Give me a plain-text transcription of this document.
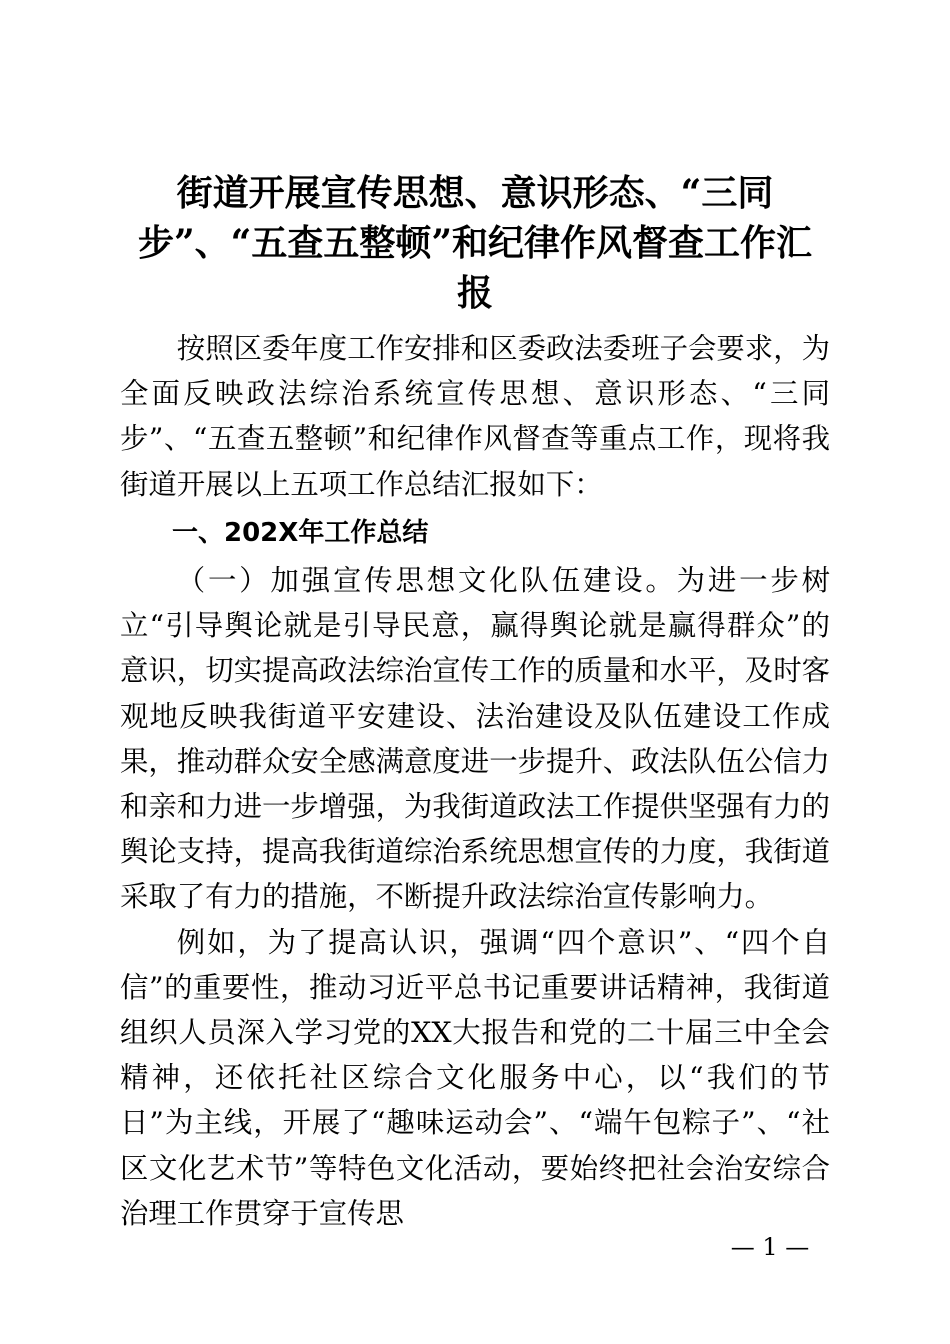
街道开展宣传思想、意识形态、“三同步”、“五查五整顿”和纪律作风督查工作汇报

按照区委年度工作安排和区委政法委班子会要求，为全面反映政法综治系统宣传思想、意识形态、“三同步”、“五查五整顿”和纪律作风督查等重点工作，现将我街道开展以上五项工作总结汇报如下：

一、202X年工作总结

（一）加强宣传思想文化队伍建设。为进一步树立“引导舆论就是引导民意，赢得舆论就是赢得群众”的意识，切实提高政法综治宣传工作的质量和水平，及时客观地反映我街道平安建设、法治建设及队伍建设工作成果，推动群众安全感满意度进一步提升、政法队伍公信力和亲和力进一步增强，为我街道政法工作提供坚强有力的舆论支持，提高我街道综治系统思想宣传的力度，我街道采取了有力的措施，不断提升政法综治宣传影响力。

例如，为了提高认识，强调“四个意识”、“四个自信”的重要性，推动习近平总书记重要讲话精神，我街道组织人员深入学习党的XX大报告和党的二十届三中全会精神，还依托社区综合文化服务中心，以“我们的节日”为主线，开展了“趣味运动会”、“端午包粽子”、“社区文化艺术节”等特色文化活动，要始终把社会治安综合治理工作贯穿于宣传思

— 1 —
